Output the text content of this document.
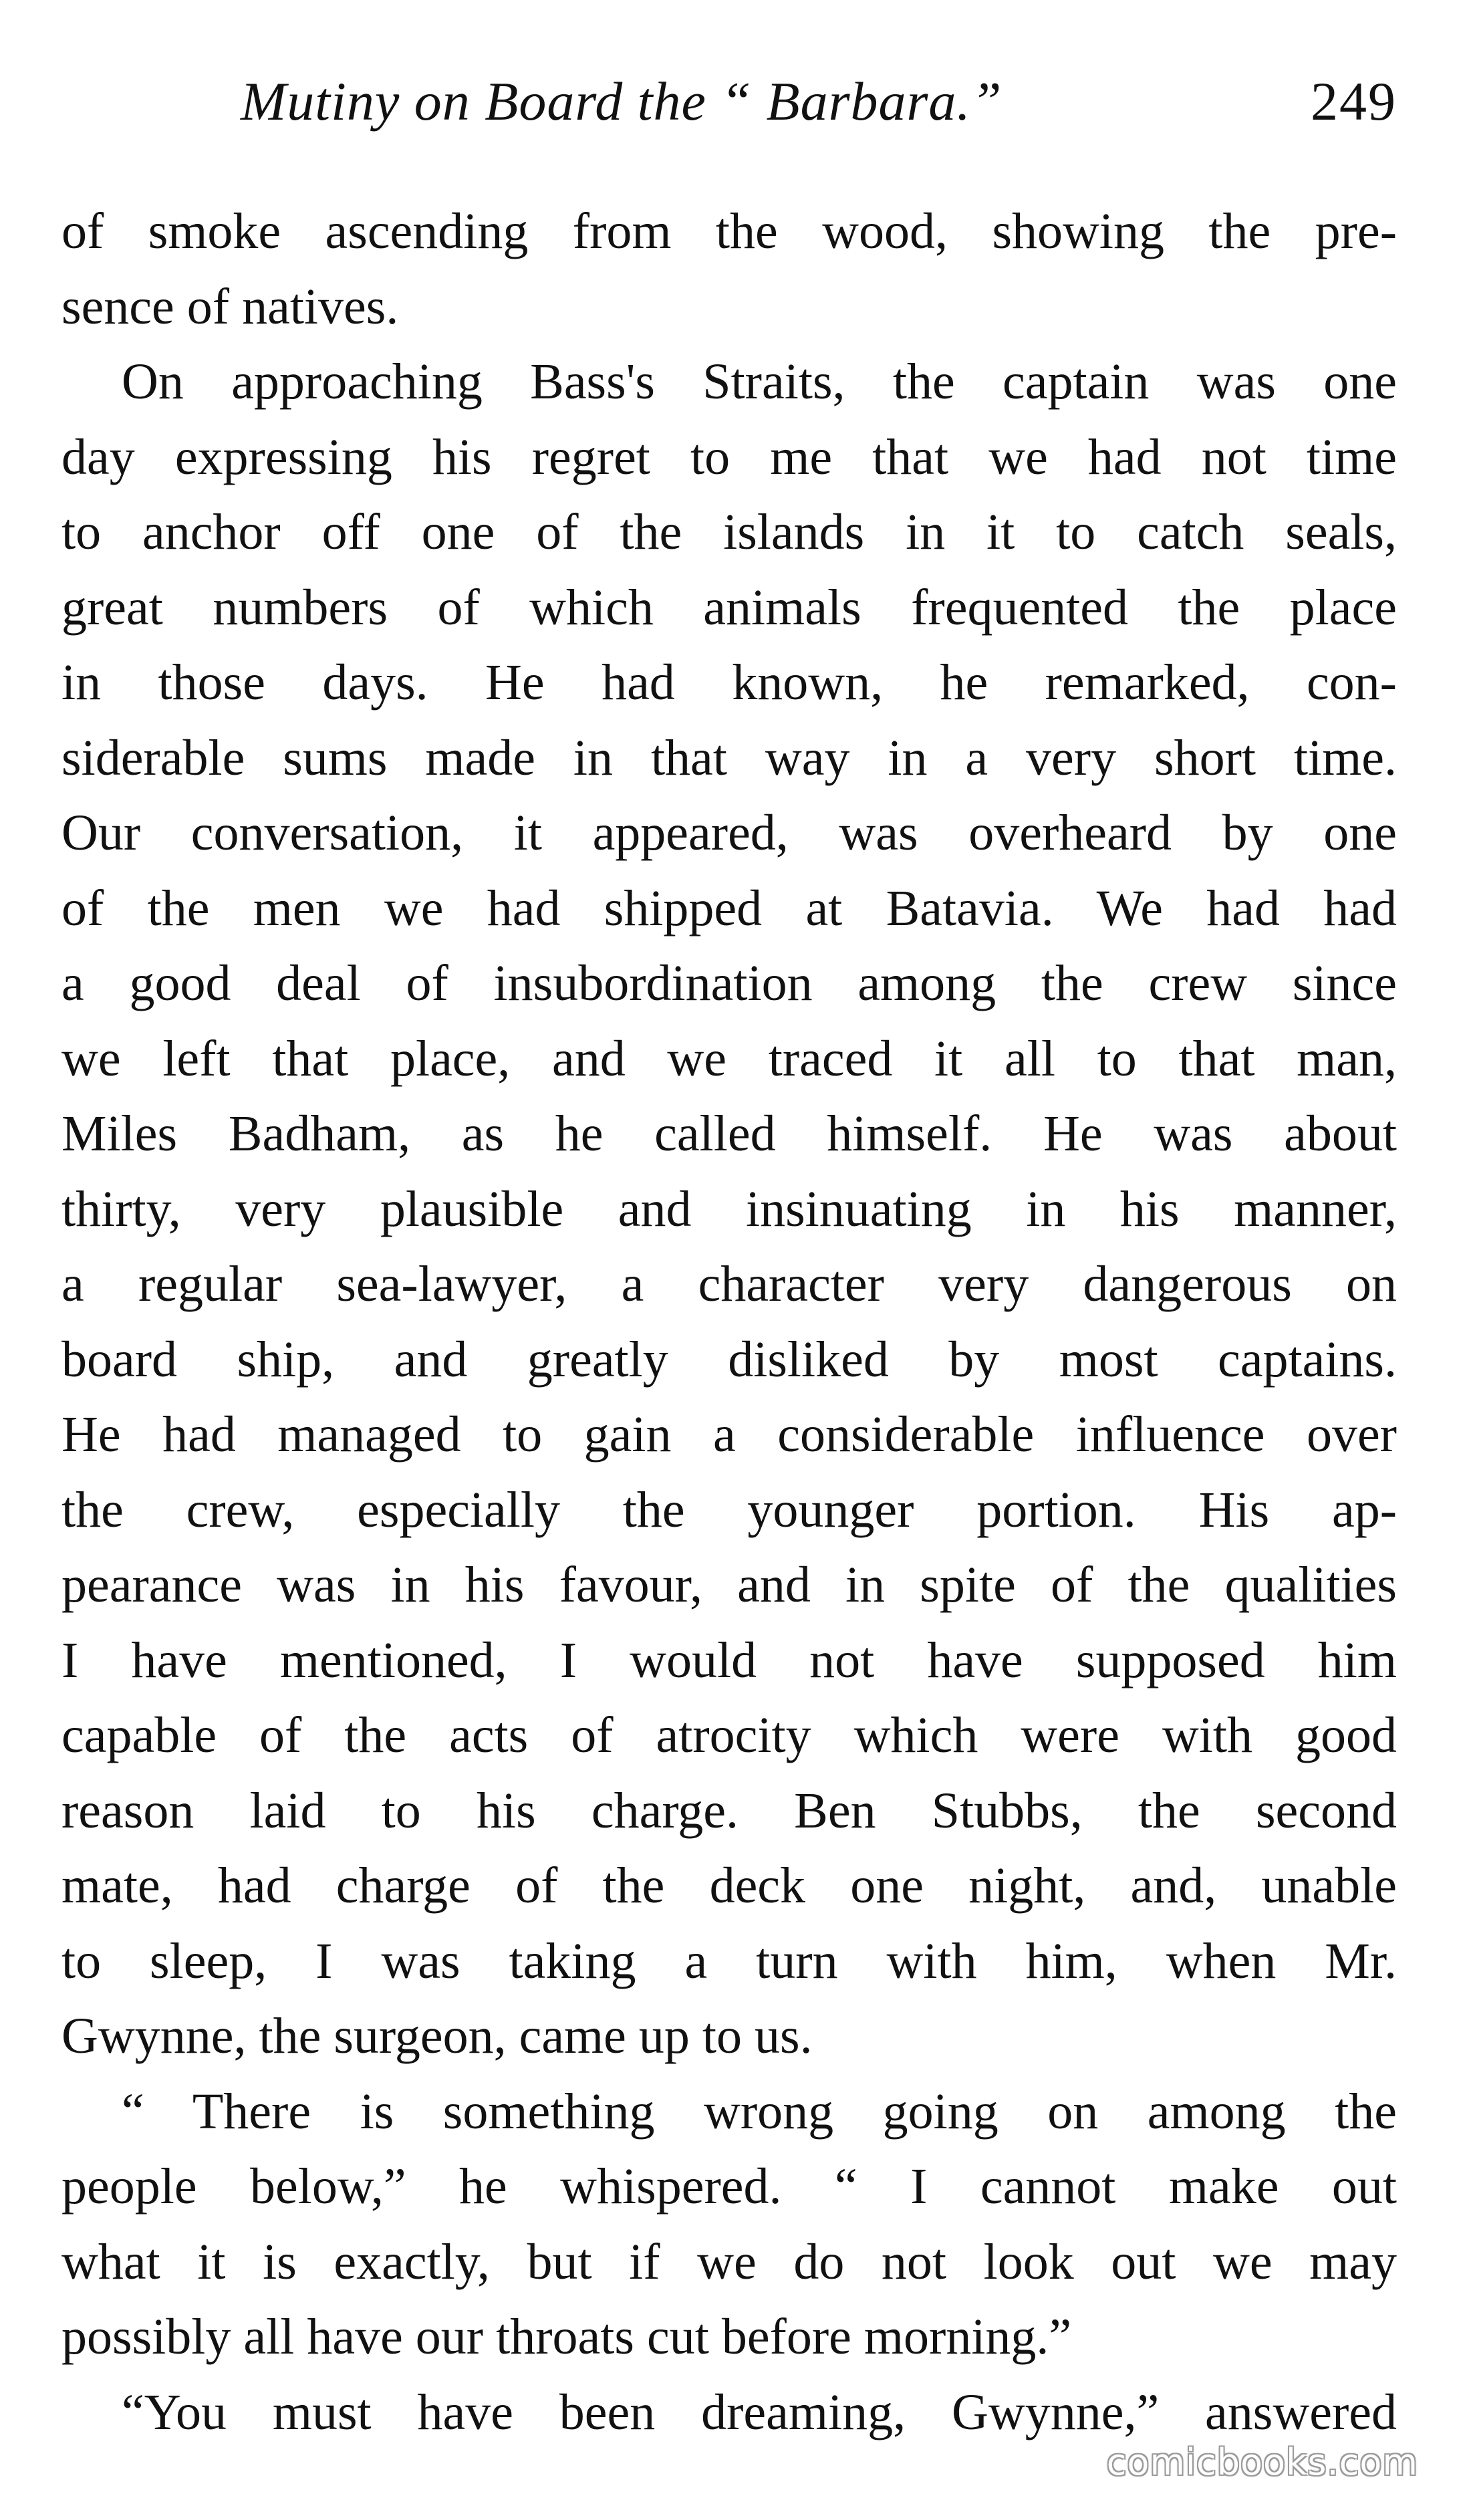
Mutiny on Board the “ Barbara.”	249
of smoke ascending from the wood, showing the pre-
sence of natives.
On approaching Bass's Straits, the captain was one
day expressing his regret to me that we had not time
to anchor off one of the islands in it to catch seals,
great numbers of which animals frequented the place
in those days. He had known, he remarked, con-
siderable sums made in that way in a very short time.
Our conversation, it appeared, was overheard by one
of the men we had shipped at Batavia. We had had
a good deal of insubordination among the crew since
we left that place, and we traced it all to that man,
Miles Badham, as he called himself. He was about
thirty, very plausible and insinuating in his manner,
a regular sea-lawyer, a character very dangerous on
board ship, and greatly disliked by most captains.
He had managed to gain a considerable influence over
the crew, especially the younger portion. His ap-
pearance was in his favour, and in spite of the qualities
I have mentioned, I would not have supposed him
capable of the acts of atrocity which were with good
reason laid to his charge. Ben Stubbs, the second
mate, had charge of the deck one night, and, unable
to sleep, I was taking a turn with him, when Mr.
Gwynne, the surgeon, came up to us.
“ There is something wrong going on among the
people below,” he whispered. “ I cannot make out
what it is exactly, but if we do not look out we may
possibly all have our throats cut before morning.”
“You must have been dreaming, Gwynne,” answered
comicbooks.com
